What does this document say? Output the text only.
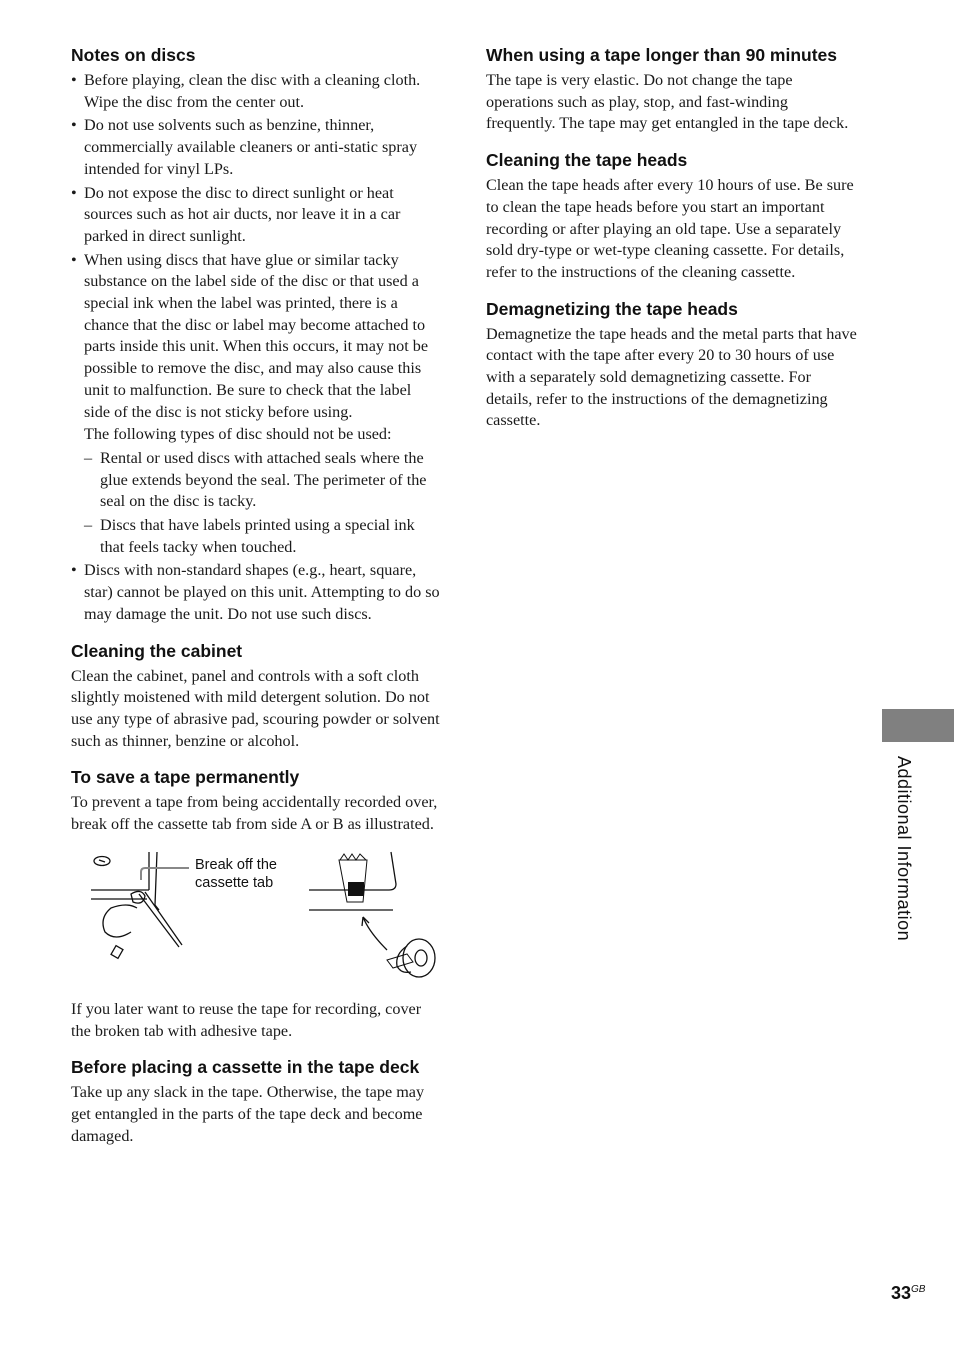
Notes on discs
• Before playing, clean the disc with a cleaning cloth. Wipe the disc from the center out.
• Do not use solvents such as benzine, thinner, commercially available cleaners or anti-static spray intended for vinyl LPs.
• Do not expose the disc to direct sunlight or heat sources such as hot air ducts, nor leave it in a car parked in direct sunlight.
• When using discs that have glue or similar tacky substance on the label side of the disc or that used a special ink when the label was printed, there is a chance that the disc or label may become attached to parts inside this unit. When this occurs, it may not be possible to remove the disc, and may also cause this unit to malfunction. Be sure to check that the label side of the disc is not sticky before using.
The following types of disc should not be used:
– Rental or used discs with attached seals where the glue extends beyond the seal. The perimeter of the seal on the disc is tacky.
– Discs that have labels printed using a special ink that feels tacky when touched.
• Discs with non-standard shapes (e.g., heart, square, star) cannot be played on this unit. Attempting to do so may damage the unit. Do not use such discs.
Cleaning the cabinet

Clean the cabinet, panel and controls with a soft cloth slightly moistened with mild detergent solution. Do not use any type of abrasive pad, scouring powder or solvent such as thinner, benzine or alcohol.

To save a tape permanently

To prevent a tape from being accidentally recorded over, break off the cassette tab from side A or B as illustrated.

Break off the
cassette tab

If you later want to reuse the tape for recording, cover the broken tab with adhesive tape.

Before placing a cassette in the tape deck

Take up any slack in the tape. Otherwise, the tape may get entangled in the parts of the tape deck and become damaged.

When using a tape longer than 90 minutes

The tape is very elastic. Do not change the tape operations such as play, stop, and fast-winding frequently. The tape may get entangled in the tape deck.

Cleaning the tape heads

Clean the tape heads after every 10 hours of use. Be sure to clean the tape heads before you start an important recording or after playing an old tape. Use a separately sold dry-type or wet-type cleaning cassette. For details, refer to the instructions of the cleaning cassette.

Demagnetizing the tape heads

Demagnetize the tape heads and the metal parts that have contact with the tape after every 20 to 30 hours of use with a separately sold demagnetizing cassette. For details, refer to the instructions of the demagnetizing cassette.

Additional Information
$33^{GB}$
